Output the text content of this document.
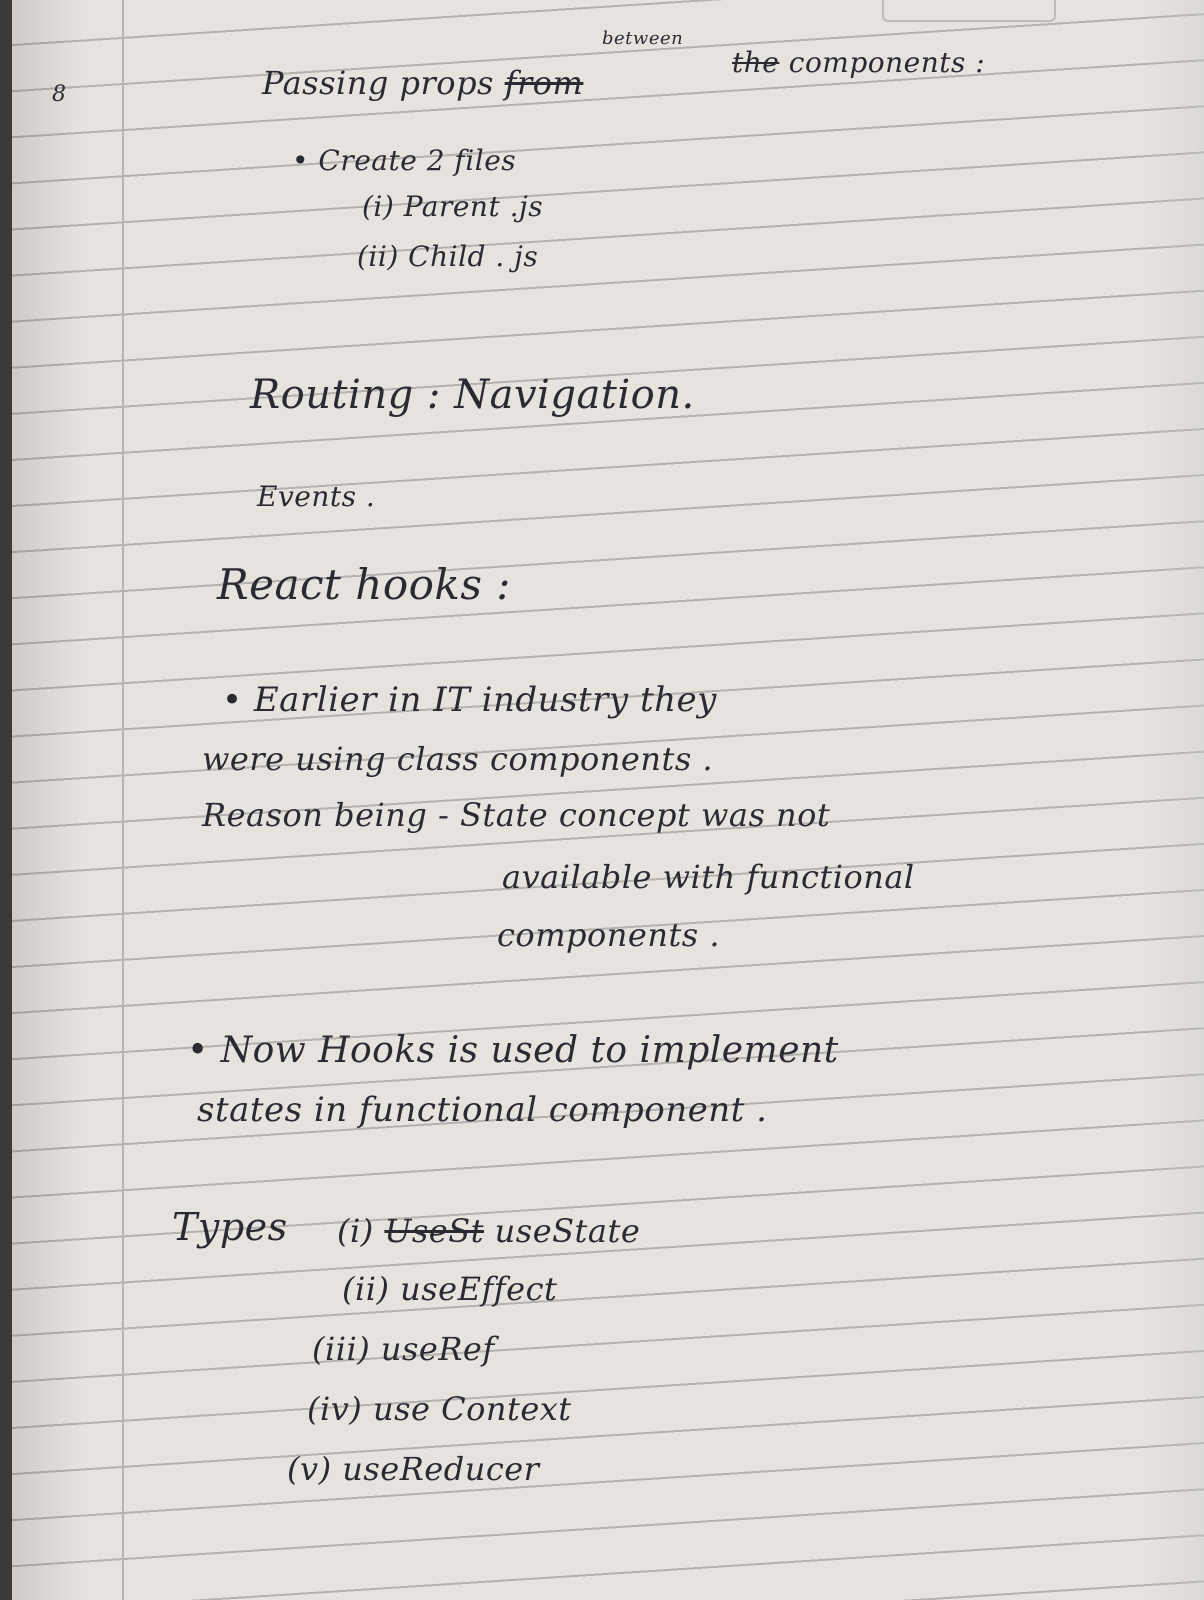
8	Passing props from
between
the components :
• Create 2 files
(i) Parent .js
(ii) Child . js
Routing : Navigation.
Events .
React hooks :
• Earlier in IT industry they
were using class components .
Reason being - State concept was not
available with functional
components .
• Now Hooks is used to implement
states in functional component .
Types (i) UseSt useState
(ii) useEffect
(iii) useRef
(iv) use Context
(v) useReducer
